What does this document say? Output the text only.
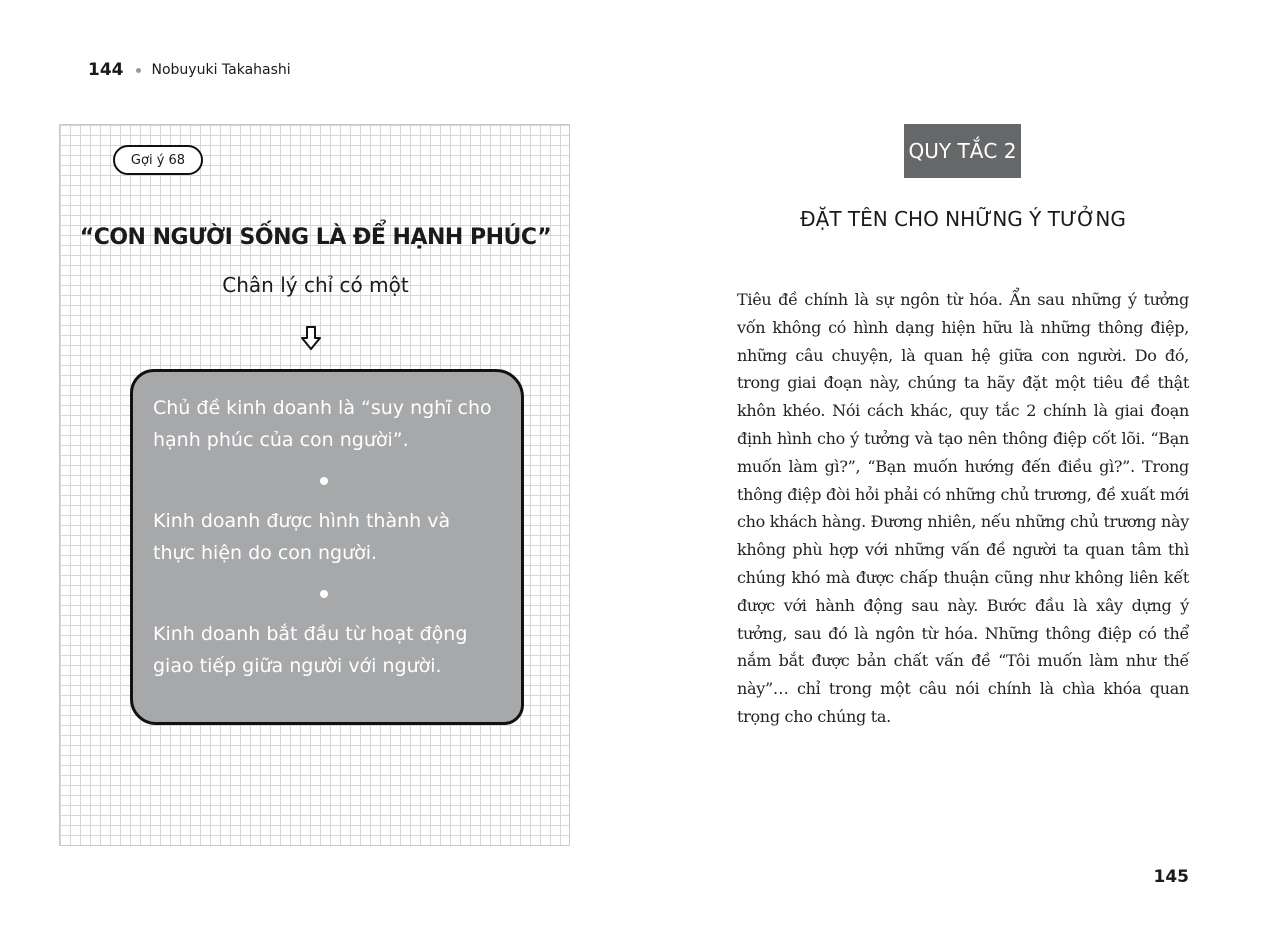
144 Nobuyuki Takahashi
Gợi ý 68
“CON NGƯỜI SỐNG LÀ ĐỂ HẠNH PHÚC”
Chân lý chỉ có một

Chủ đề kinh doanh là “suy nghĩ cho hạnh phúc của con người”.

Kinh doanh được hình thành và thực hiện do con người.

Kinh doanh bắt đầu từ hoạt động giao tiếp giữa người với người.

QUY TẮC 2
ĐẶT TÊN CHO NHỮNG Ý TƯỞNG
Tiêu đề chính là sự ngôn từ hóa. Ẩn sau những ý tưởng vốn không có hình dạng hiện hữu là những thông điệp, những câu chuyện, là quan hệ giữa con người. Do đó, trong giai đoạn này, chúng ta hãy đặt một tiêu đề thật khôn khéo. Nói cách khác, quy tắc 2 chính là giai đoạn định hình cho ý tưởng và tạo nên thông điệp cốt lõi. “Bạn muốn làm gì?”, “Bạn muốn hướng đến điều gì?”. Trong thông điệp đòi hỏi phải có những chủ trương, đề xuất mới cho khách hàng. Đương nhiên, nếu những chủ trương này không phù hợp với những vấn đề người ta quan tâm thì chúng khó mà được chấp thuận cũng như không liên kết được với hành động sau này. Bước đầu là xây dựng ý tưởng, sau đó là ngôn từ hóa. Những thông điệp có thể nắm bắt được bản chất vấn đề “Tôi muốn làm như thế này”… chỉ trong một câu nói chính là chìa khóa quan trọng cho chúng ta.
145
